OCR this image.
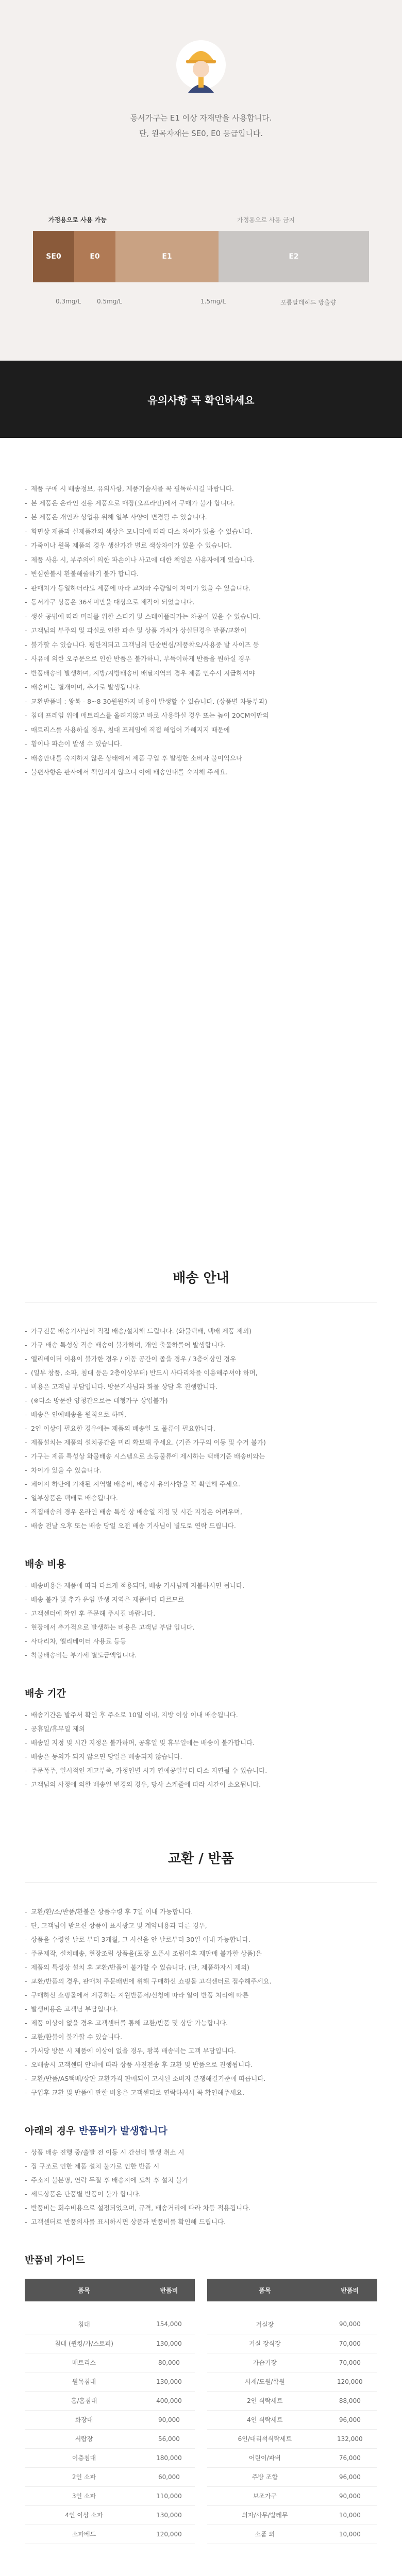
동서가구는 E1 이상 자재만을 사용합니다.

단, 원목자재는 SE0, E0 등급입니다.

가정용으로 사용 가능	가정용으로 사용 금지
SE0	E0	E1	E2
0.3mg/L	0.5mg/L	1.5mg/L	포름알데히드 방출량
유의사항 꼭 확인하세요
- 제품 구매 시 배송정보, 유의사항, 제품기술서를 꼭 필독하시길 바랍니다.
- 본 제품은 온라인 전용 제품으로 매장(오프라인)에서 구매가 불가 합니다.
- 본 제품은 개인과 상업용 위해 일부 사양이 변경될 수 있습니다.
- 화면상 제품과 실제품간의 색상은 모니터에 따라 다소 차이가 있을 수 있습니다.
- 가죽이나 원목 제품의 경우 생산가간 별로 색상차이가 있을 수 있습니다.
- 제품 사용 시, 부주의에 의한 파손이나 사고에 대한 책임은 사용자에게 있습니다.
- 변심한불시 환불해줄하기 불가 합니다.
- 판매처가 동일하더라도 제품에 따라 교차와 수량일이 차이가 있을 수 있습니다.
- 동서가구 상품은 36세미만을 대상으로 제작이 되었습니다.
- 생산 공법에 따라 미러를 위한 스티커 및 스테이플러가는 차공이 있을 수 있습니다.
- 고객님의 부주의 및 과실로 인한 파손 및 상품 가치가 상실된경우 반품/교환이
- 불가할 수 있습니다. 평탄지되고 고객님의 단순변심/제품착오/사용중 발 사이즈 등
- 사유에 의한 오주문으로 인한 반품은 불가하니, 부득이하게 반품을 원하실 경우
- 반품배송비 발생하며, 지방/지방배송비 배달지역의 경우 제품 인수시 지급하셔야
- 배송비는 별개이며, 추가로 발생됩니다.
- 교환반품비 : 왕복 - 8~8 30원원까지 비용이 발생할 수 있습니다. (상품별 차등부과)
- 침대 프레임 위에 매트리스를 올려지않고 바로 사용하실 경우 또는 높이 20CM이만의
- 매트리스를 사용하실 경우, 침대 프레임에 직접 해업어 가해지지 때문에
- 휨이나 파손이 발생 수 있습니다.
- 배송안내를 숙지하지 않은 상태에서 제품 구입 후 발생한 소비자 불이익으나
- 불편사항은 판사에서 책임지지 않으니 이에 배송안내를 숙지해 주세요.
배송 안내
- 가구전문 배송기사님이 직접 배송/설치해 드립니다. (화물택배, 택배 제품 제외)
- 가구 배송 특성상 직송 배송이 불가하며, 개인 출몰하를어 발생합니다.
- 엘리베이터 이용이 불가한 경우 / 이동 공간이 좁을 경우 / 3층이상인 경우
- (일부 창품, 소파, 침대 등은 2층이상부터) 반드시 사다리차를 이용해주셔야 하며,
- 비용은 고객님 부담입니다. 방문기사님과 화물 상담 후 진행합니다.
- (※다소 방문한 양청간으로는 대형가구 상업불가)
- 배송은 인예배송을 원칙으로 하며,
- 2인 이상이 필요한 경우에는 제품의 배송일 도 물류이 필요합니다.
- 제품설치는 제품의 설치공간을 미리 확보해 주세요. (기존 가구의 이동 및 수거 불가)
- 가구는 제품 특성상 화물배송 시스템으로 소등물류에 제시하는 택배기준 배송비와는
- 차이가 있을 수 있습니다.
- 페이지 하단에 기재된 지역별 배송비, 배송시 유의사항을 꼭 확인해 주세요.
- 일부상품은 택배로 배송됩니다.
- 직접배송의 경우 온라인 배송 특성 상 배송일 지정 및 시간 지정은 어려우며,
- 배송 전날 오후 또는 배송 당일 오전 배송 기사님이 별도로 연락 드립니다.
배송 비용
- 배송비용은 제품에 따라 다르게 적용되며, 배송 기사님께 지불하시면 됩니다.
- 배송 불가 및 추가 운임 발생 지역은 제품마다 다르므로
- 고객센터에 확인 후 주문해 주시길 바랍니다.
- 현장에서 추가적으로 발생하는 비용은 고객님 부담 입니다.
- 사다리차, 엘리베이터 사용료 등등
- 착불배송비는 부가세 별도금액입니다.
배송 기간
- 배송기간은 발주서 확인 후 주소로 10일 이내, 지방 이상 이내 배송됩니다.
- 공휴일/휴무일 제외
- 배송일 지정 및 시간 지정은 불가하며, 공휴일 및 휴무일에는 배송이 불가합니다.
- 배송은 동의가 되지 않으면 당일은 배송되지 않습니다.
- 주문폭주, 일시적인 재고부족, 가정인별 시기 연예공일부터 다소 지연될 수 있습니다.
- 고객님의 사정에 의한 배송일 변경의 경우, 당사 스케줄에 따라 시간이 소요됩니다.
교환 / 반품
- 교환/환/소/반품/환불은 상품수령 후 7일 이내 가능합니다.
- 단, 고객님이 받으신 상품이 표시광고 및 계약내용과 다른 경우,
- 상품을 수령한 날로 부터 3개월, 그 사실을 안 날로부터 30일 이내 가능합니다.
- 주문제작, 설치배송, 현장조립 상품을(포장 오픈시 조립이후 재판매 불가한 상품)은
- 제품의 특성상 설치 후 교환/반품이 불가할 수 있습니다. (단, 제품하자시 제외)
- 교환/반품의 경우, 판매처 주문배번에 위해 구매하신 쇼핑몰 고객센터로 접수해주세요.
- 구매하신 쇼핑몰에서 제공하는 지원반품서/신청에 따라 일이 반품 처리에 따른
- 발생비용은 고객님 부담입니다.
- 제품 이상이 없을 경우 고객센터를 통해 교환/반품 및 상담 가능합니다.
- 교환/환불이 불가할 수 있습니다.
- 가서당 방문 시 제품에 이상이 없을 경우, 왕복 배송비는 고객 부담입니다.
- 오배송시 고객센터 안내에 따라 상품 사진전송 후 교환 및 반품으로 진행됩니다.
- 교환/반품/AS택배/상판 교환가격 판매되어 고시된 소비자 분쟁해결기준에 따릅니다.
- 구입후 교환 및 반품에 관한 비용은 고객센터로 연락하셔서 꼭 확인해주세요.
아래의 경우 반품비가 발생합니다
- 상품 배송 진행 중/출발 전 이동 시 간선비 발생 취소 시
- 집 구조로 인한 제품 설치 불가로 인한 반품 시
- 주소지 불분명, 연락 두절 후 배송지에 도착 후 설치 불가
- 세트상품은 단품별 반품이 불가 합니다.
- 반품비는 회수비용으로 설정되었으며, 규격, 배송거리에 따라 차등 적용됩니다.
- 고객센터로 반품의사를 표시하시면 상품과 반품비를 확인해 드립니다.
반품비 가이드
품목	반품비

침대	154,000
침대 (퀸킹/가/스토퍼)	130,000
매트리스	80,000
원목침대	130,000
홈/홈침대	400,000
화장대	90,000
서랍장	56,000
이층침대	180,000
2인 소파	60,000
3인 소파	110,000
4인 이상 소파	130,000
소파베드	120,000
품목	반품비

거실장	90,000
거실 장식장	70,000
가습기장	70,000
서재/도원/학원	120,000
2인 식탁세트	88,000
4인 식탁세트	96,000
6인/대리석식탁세트	132,000
어린이/파버	76,000
주방 조합	96,000
보조가구	90,000
의자/사무/발레무	10,000
소품 외	10,000
